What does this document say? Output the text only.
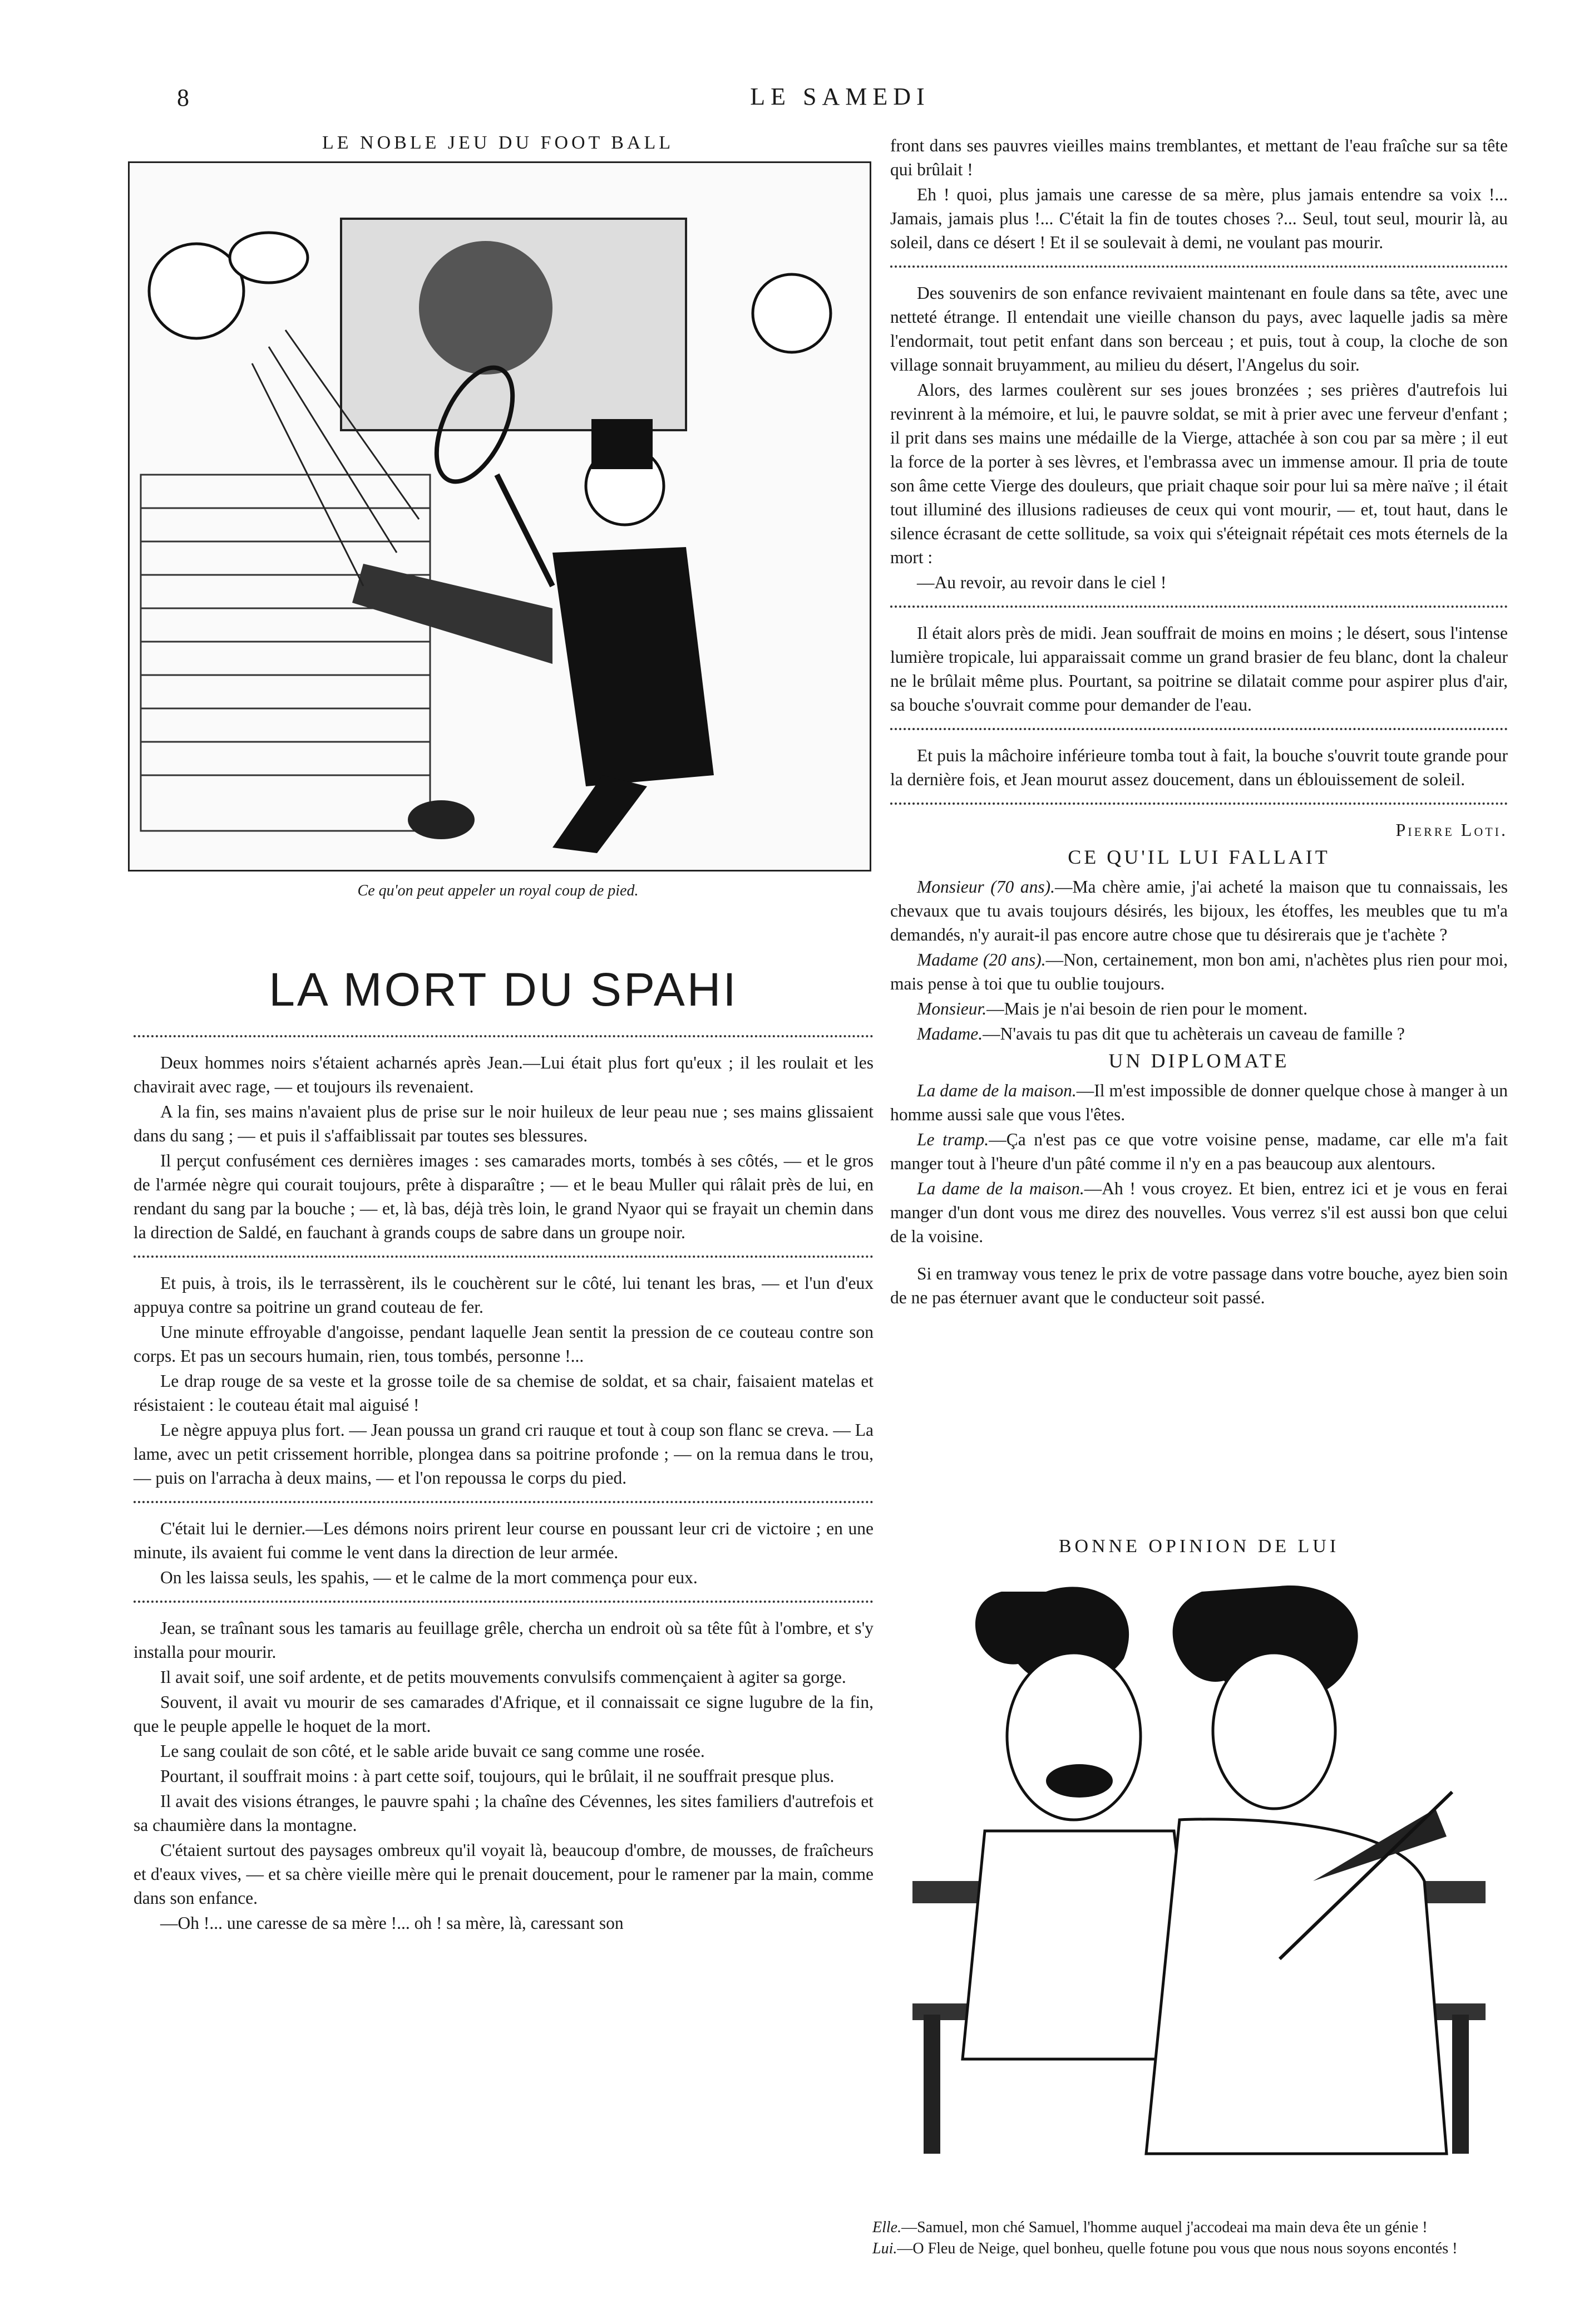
8	LE SAMEDI
LE NOBLE JEU DU FOOT BALL
Ce qu'on peut appeler un royal coup de pied.
LA MORT DU SPAHI

Deux hommes noirs s'étaient acharnés après Jean.—Lui était plus fort qu'eux ; il les roulait et les chavirait avec rage, — et toujours ils revenaient.

A la fin, ses mains n'avaient plus de prise sur le noir huileux de leur peau nue ; ses mains glissaient dans du sang ; — et puis il s'affaiblissait par toutes ses blessures.

Il perçut confusément ces dernières images : ses camarades morts, tombés à ses côtés, — et le gros de l'armée nègre qui courait toujours, prête à disparaître ; — et le beau Muller qui râlait près de lui, en rendant du sang par la bouche ; — et, là bas, déjà très loin, le grand Nyaor qui se frayait un chemin dans la direction de Saldé, en fauchant à grands coups de sabre dans un groupe noir.

Et puis, à trois, ils le terrassèrent, ils le couchèrent sur le côté, lui tenant les bras, — et l'un d'eux appuya contre sa poitrine un grand couteau de fer.

Une minute effroyable d'angoisse, pendant laquelle Jean sentit la pression de ce couteau contre son corps. Et pas un secours humain, rien, tous tombés, personne !...

Le drap rouge de sa veste et la grosse toile de sa chemise de soldat, et sa chair, faisaient matelas et résistaient : le couteau était mal aiguisé !

Le nègre appuya plus fort. — Jean poussa un grand cri rauque et tout à coup son flanc se creva. — La lame, avec un petit crissement horrible, plongea dans sa poitrine profonde ; — on la remua dans le trou, — puis on l'arracha à deux mains, — et l'on repoussa le corps du pied.

C'était lui le dernier.—Les démons noirs prirent leur course en poussant leur cri de victoire ; en une minute, ils avaient fui comme le vent dans la direction de leur armée.

On les laissa seuls, les spahis, — et le calme de la mort commença pour eux.

Jean, se traînant sous les tamaris au feuillage grêle, chercha un endroit où sa tête fût à l'ombre, et s'y installa pour mourir.

Il avait soif, une soif ardente, et de petits mouvements convulsifs commençaient à agiter sa gorge.

Souvent, il avait vu mourir de ses camarades d'Afrique, et il connaissait ce signe lugubre de la fin, que le peuple appelle le hoquet de la mort.

Le sang coulait de son côté, et le sable aride buvait ce sang comme une rosée.

Pourtant, il souffrait moins : à part cette soif, toujours, qui le brûlait, il ne souffrait presque plus.

Il avait des visions étranges, le pauvre spahi ; la chaîne des Cévennes, les sites familiers d'autrefois et sa chaumière dans la montagne.

C'étaient surtout des paysages ombreux qu'il voyait là, beaucoup d'ombre, de mousses, de fraîcheurs et d'eaux vives, — et sa chère vieille mère qui le prenait doucement, pour le ramener par la main, comme dans son enfance.

—Oh !... une caresse de sa mère !... oh ! sa mère, là, caressant son

front dans ses pauvres vieilles mains tremblantes, et mettant de l'eau fraîche sur sa tête qui brûlait !

Eh ! quoi, plus jamais une caresse de sa mère, plus jamais entendre sa voix !... Jamais, jamais plus !... C'était la fin de toutes choses ?... Seul, tout seul, mourir là, au soleil, dans ce désert ! Et il se soulevait à demi, ne voulant pas mourir.

Des souvenirs de son enfance revivaient maintenant en foule dans sa tête, avec une netteté étrange. Il entendait une vieille chanson du pays, avec laquelle jadis sa mère l'endormait, tout petit enfant dans son berceau ; et puis, tout à coup, la cloche de son village sonnait bruyamment, au milieu du désert, l'Angelus du soir.

Alors, des larmes coulèrent sur ses joues bronzées ; ses prières d'autrefois lui revinrent à la mémoire, et lui, le pauvre soldat, se mit à prier avec une ferveur d'enfant ; il prit dans ses mains une médaille de la Vierge, attachée à son cou par sa mère ; il eut la force de la porter à ses lèvres, et l'embrassa avec un immense amour. Il pria de toute son âme cette Vierge des douleurs, que priait chaque soir pour lui sa mère naïve ; il était tout illuminé des illusions radieuses de ceux qui vont mourir, — et, tout haut, dans le silence écrasant de cette sollitude, sa voix qui s'éteignait répétait ces mots éternels de la mort :

—Au revoir, au revoir dans le ciel !

Il était alors près de midi. Jean souffrait de moins en moins ; le désert, sous l'intense lumière tropicale, lui apparaissait comme un grand brasier de feu blanc, dont la chaleur ne le brûlait même plus. Pourtant, sa poitrine se dilatait comme pour aspirer plus d'air, sa bouche s'ouvrait comme pour demander de l'eau.

Et puis la mâchoire inférieure tomba tout à fait, la bouche s'ouvrit toute grande pour la dernière fois, et Jean mourut assez doucement, dans un éblouissement de soleil.

Pierre Loti.
CE QU'IL LUI FALLAIT

Monsieur (70 ans).—Ma chère amie, j'ai acheté la maison que tu connaissais, les chevaux que tu avais toujours désirés, les bijoux, les étoffes, les meubles que tu m'a demandés, n'y aurait-il pas encore autre chose que tu désirerais que je t'achète ?

Madame (20 ans).—Non, certainement, mon bon ami, n'achètes plus rien pour moi, mais pense à toi que tu oublie toujours.

Monsieur.—Mais je n'ai besoin de rien pour le moment.

Madame.—N'avais tu pas dit que tu achèterais un caveau de famille ?

UN DIPLOMATE

La dame de la maison.—Il m'est impossible de donner quelque chose à manger à un homme aussi sale que vous l'êtes.

Le tramp.—Ça n'est pas ce que votre voisine pense, madame, car elle m'a fait manger tout à l'heure d'un pâté comme il n'y en a pas beaucoup aux alentours.

La dame de la maison.—Ah ! vous croyez. Et bien, entrez ici et je vous en ferai manger d'un dont vous me direz des nouvelles. Vous verrez s'il est aussi bon que celui de la voisine.

Si en tramway vous tenez le prix de votre passage dans votre bouche, ayez bien soin de ne pas éternuer avant que le conducteur soit passé.

BONNE OPINION DE LUI

Elle.—Samuel, mon ché Samuel, l'homme auquel j'accodeai ma main deva ête un génie !

Lui.—O Fleu de Neige, quel bonheu, quelle fotune pou vous que nous nous soyons encontés !
